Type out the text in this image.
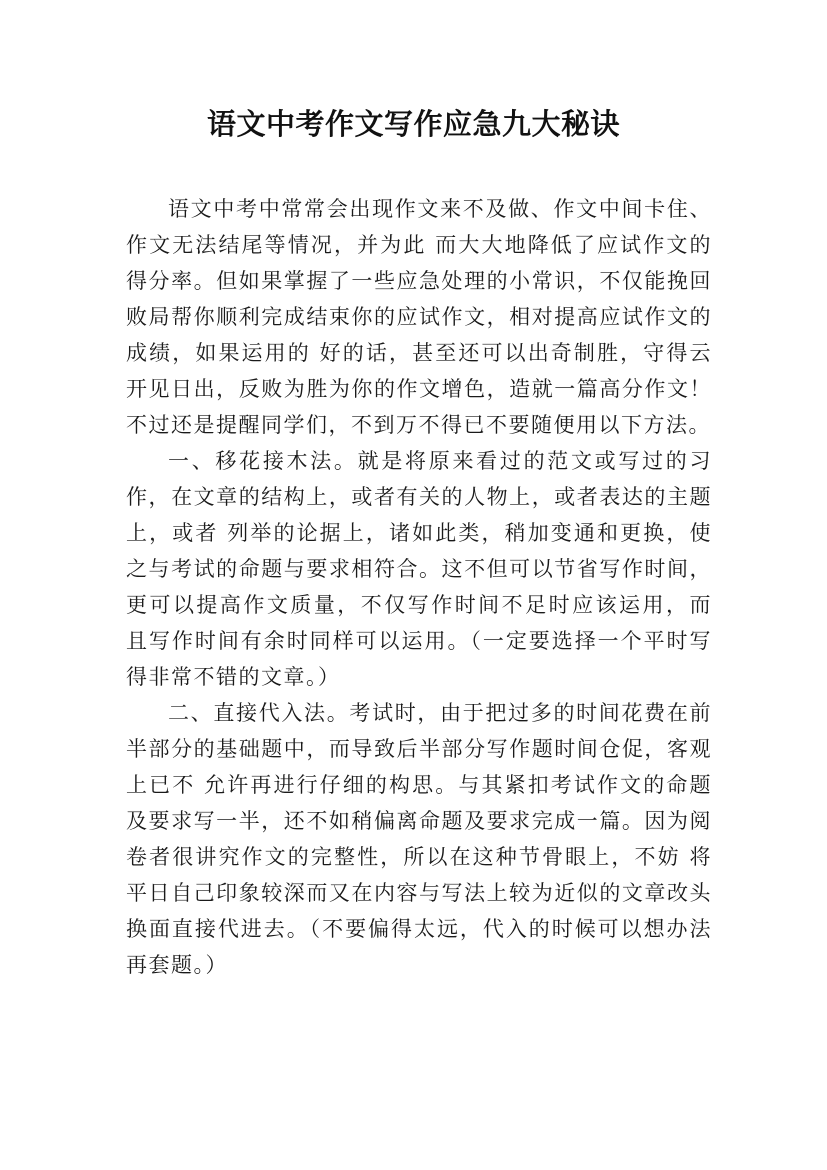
语文中考作文写作应急九大秘诀

语文中考中常常会出现作文来不及做、作文中间卡住、作文无法结尾等情况，并为此 而大大地降低了应试作文的得分率。但如果掌握了一些应急处理的小常识，不仅能挽回败局帮你顺利完成结束你的应试作文，相对提高应试作文的成绩，如果运用的 好的话，甚至还可以出奇制胜，守得云开见日出，反败为胜为你的作文增色，造就一篇高分作文！不过还是提醒同学们，不到万不得已不要随便用以下方法。

一、移花接木法。就是将原来看过的范文或写过的习作，在文章的结构上，或者有关的人物上，或者表达的主题上，或者 列举的论据上，诸如此类，稍加变通和更换，使之与考试的命题与要求相符合。这不但可以节省写作时间，更可以提高作文质量，不仅写作时间不足时应该运用，而 且写作时间有余时同样可以运用。（一定要选择一个平时写得非常不错的文章。）

二、直接代入法。考试时，由于把过多的时间花费在前半部分的基础题中，而导致后半部分写作题时间仓促，客观上已不 允许再进行仔细的构思。与其紧扣考试作文的命题及要求写一半，还不如稍偏离命题及要求完成一篇。因为阅卷者很讲究作文的完整性，所以在这种节骨眼上，不妨 将平日自己印象较深而又在内容与写法上较为近似的文章改头换面直接代进去。（不要偏得太远，代入的时候可以想办法再套题。）
